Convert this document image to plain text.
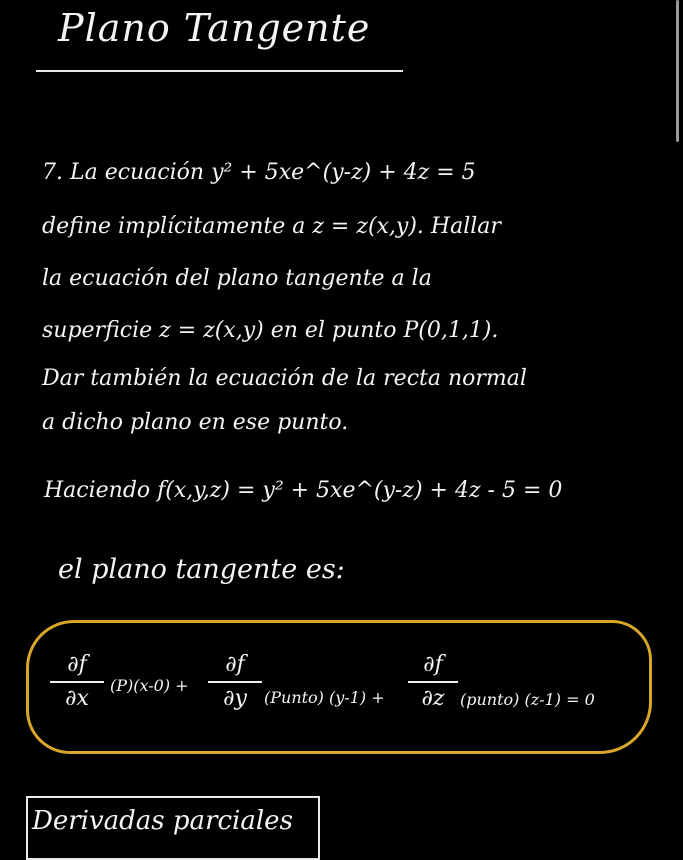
Plano Tangente
7. La ecuación y² + 5xe^(y-z) + 4z = 5
define implícitamente a z = z(x,y). Hallar
la ecuación del plano tangente a la
superficie z = z(x,y) en el punto P(0,1,1).
Dar también la ecuación de la recta normal
a dicho plano en ese punto.
Haciendo f(x,y,z) = y² + 5xe^(y-z) + 4z - 5 = 0
el plano tangente es:
∂f
∂x
(P)(x-0) +
∂f
∂y (Punto) (y-1) +
∂f
∂z (punto) (z-1) = 0
Derivadas parciales
